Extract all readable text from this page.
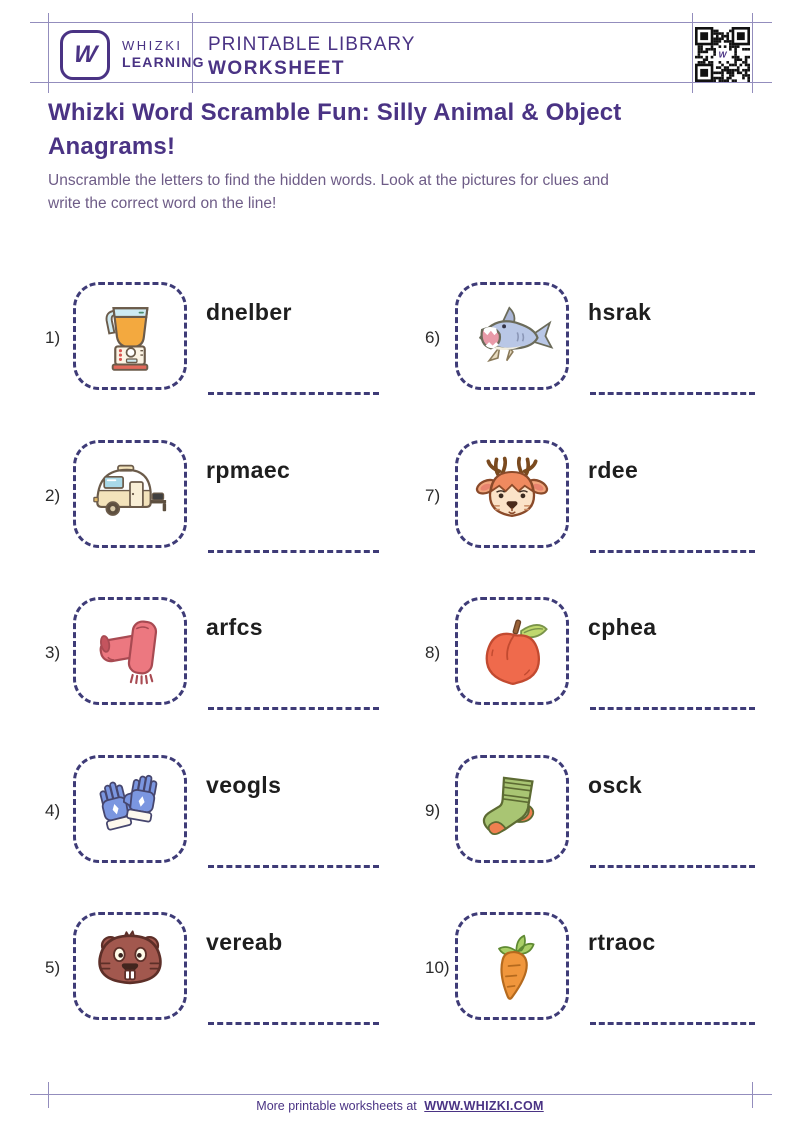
W WHIZKI
LEARNING
PRINTABLE LIBRARY
WORKSHEET
W
Whizki Word Scramble Fun: Silly Animal & Object
Anagrams!
Unscramble the letters to find the hidden words. Look at the pictures for clues and
write the correct word on the line!
1)
dnelber
2)
rpmaec
3)
arfcs
4)
veogls
5)
vereab
6)
hsrak
7)
rdee
8)
cphea
9)
osck
10)
rtraoc
More printable worksheets at WWW.WHIZKI.COM
